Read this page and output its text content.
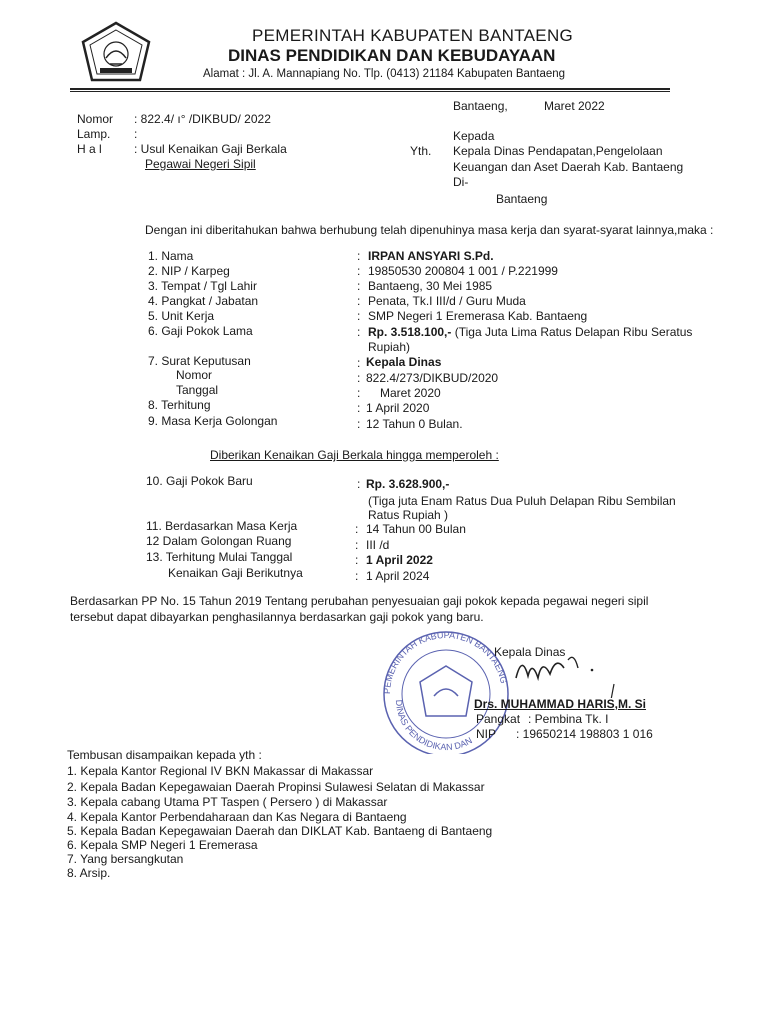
PEMERINTAH KABUPATEN BANTAENG
DINAS PENDIDIKAN DAN KEBUDAYAAN
Alamat : Jl. A. Mannapiang No. Tlp. (0413) 21184 Kabupaten Bantaeng
Bantaeng,	Maret 2022
Nomor : 822.4/ ı° /DIKBUD/ 2022
Lamp. :
H a l	: Usul Kenaikan Gaji Berkala
Pegawai Negeri Sipil
Kepada
Yth. Kepala Dinas Pendapatan,Pengelolaan
Keuangan dan Aset Daerah Kab. Bantaeng
Di-
Bantaeng
Dengan ini diberitahukan bahwa berhubung telah dipenuhinya masa kerja dan syarat-syarat lainnya,maka :
1. Nama	: IRPAN ANSYARI S.Pd.
2. NIP / Karpeg	: 19850530 200804 1 001 / P.221999
3. Tempat / Tgl Lahir	: Bantaeng, 30 Mei 1985
4. Pangkat / Jabatan	: Penata, Tk.I III/d / Guru Muda
5. Unit Kerja	: SMP Negeri 1 Eremerasa Kab. Bantaeng
6. Gaji Pokok Lama	: Rp. 3.518.100,- (Tiga Juta Lima Ratus Delapan Ribu Seratus
Rupiah)
7. Surat Keputusan	: Kepala Dinas
Nomor	: 822.4/273/DIKBUD/2020
Tanggal	: Maret 2020
8. Terhitung	: 1 April 2020
9. Masa Kerja Golongan	: 12 Tahun 0 Bulan.
Diberikan Kenaikan Gaji Berkala hingga memperoleh :
10. Gaji Pokok Baru	: Rp. 3.628.900,-
(Tiga juta Enam Ratus Dua Puluh Delapan Ribu Sembilan
Ratus Rupiah )
11. Berdasarkan Masa Kerja	: 14 Tahun 00 Bulan
12 Dalam Golongan Ruang	: III /d
13. Terhitung Mulai Tanggal	: 1 April 2022
Kenaikan Gaji Berikutnya	: 1 April 2024
Berdasarkan PP No. 15 Tahun 2019 Tentang perubahan penyesuaian gaji pokok kepada pegawai negeri sipil
tersebut dapat dibayarkan penghasilannya berdasarkan gaji pokok yang baru.
PEMERINTAH KABUPATEN BANTAENG
DINAS PENDIDIKAN DAN
Kepala Dinas
Drs. MUHAMMAD HARIS,M. Si
Pangkat : Pembina Tk. I
NIP : 19650214 198803 1 016
Tembusan disampaikan kepada yth :
1. Kepala Kantor Regional IV BKN Makassar di Makassar
2. Kepala Badan Kepegawaian Daerah Propinsi Sulawesi Selatan di Makassar
3. Kepala cabang Utama PT Taspen ( Persero ) di Makassar
4. Kepala Kantor Perbendaharaan dan Kas Negara di Bantaeng
5. Kepala Badan Kepegawaian Daerah dan DIKLAT Kab. Bantaeng di Bantaeng
6. Kepala SMP Negeri 1 Eremerasa
7. Yang bersangkutan
8. Arsip.
